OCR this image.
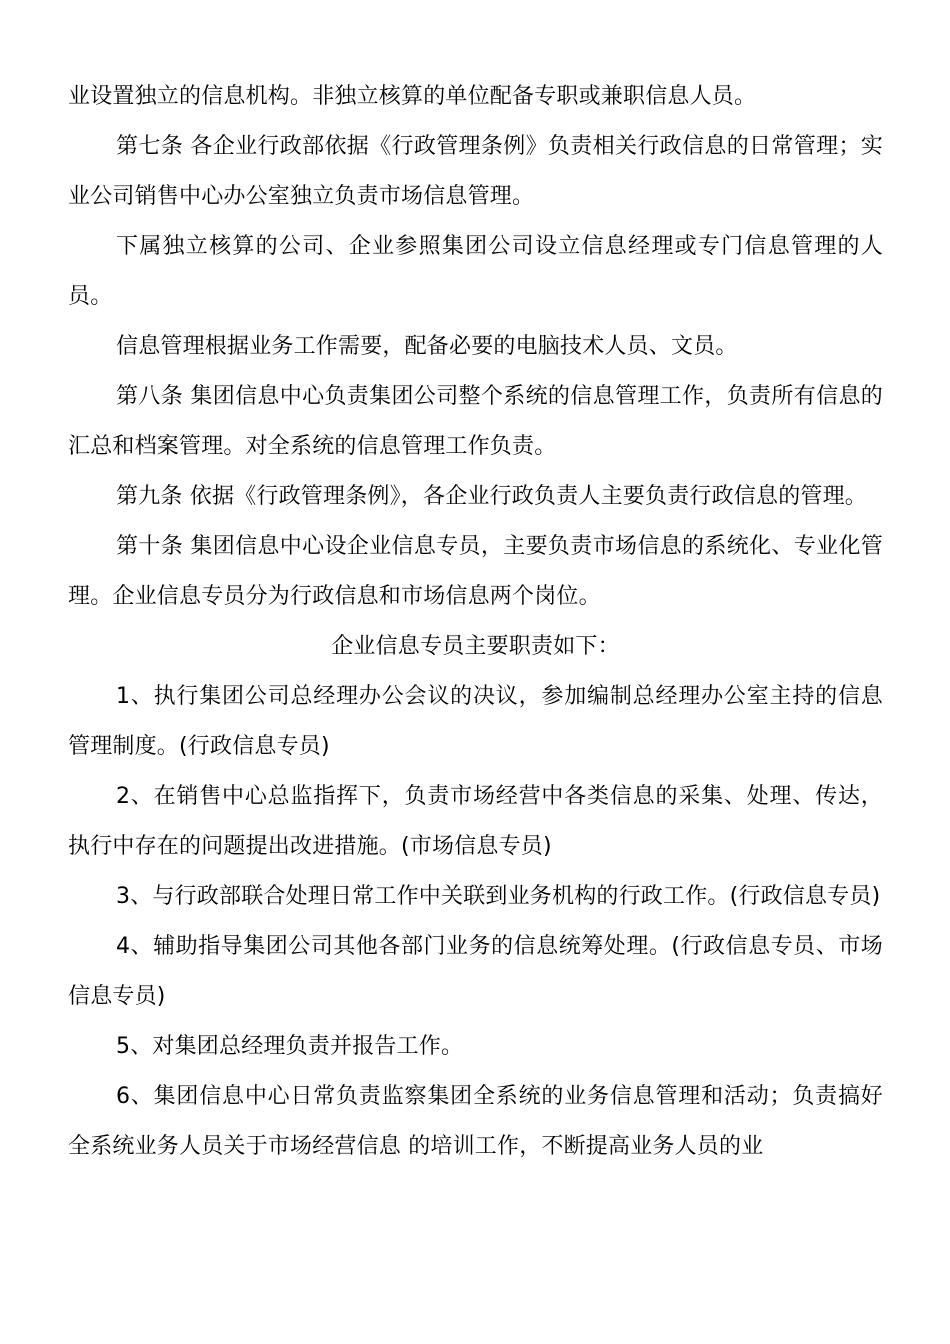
业设置独立的信息机构。非独立核算的单位配备专职或兼职信息人员。

第七条 各企业行政部依据《行政管理条例》负责相关行政信息的日常管理；实业公司销售中心办公室独立负责市场信息管理。

下属独立核算的公司、企业参照集团公司设立信息经理或专门信息管理的人员。

信息管理根据业务工作需要，配备必要的电脑技术人员、文员。

第八条 集团信息中心负责集团公司整个系统的信息管理工作，负责所有信息的汇总和档案管理。对全系统的信息管理工作负责。

第九条 依据《行政管理条例》，各企业行政负责人主要负责行政信息的管理。

第十条 集团信息中心设企业信息专员，主要负责市场信息的系统化、专业化管理。企业信息专员分为行政信息和市场信息两个岗位。

企业信息专员主要职责如下：

1、执行集团公司总经理办公会议的决议，参加编制总经理办公室主持的信息管理制度。(行政信息专员)

2、在销售中心总监指挥下，负责市场经营中各类信息的采集、处理、传达，执行中存在的问题提出改进措施。(市场信息专员)

3、与行政部联合处理日常工作中关联到业务机构的行政工作。(行政信息专员)

4、辅助指导集团公司其他各部门业务的信息统筹处理。(行政信息专员、市场信息专员)

5、对集团总经理负责并报告工作。

6、集团信息中心日常负责监察集团全系统的业务信息管理和活动；负责搞好全系统业务人员关于市场经营信息 的培训工作，不断提高业务人员的业
